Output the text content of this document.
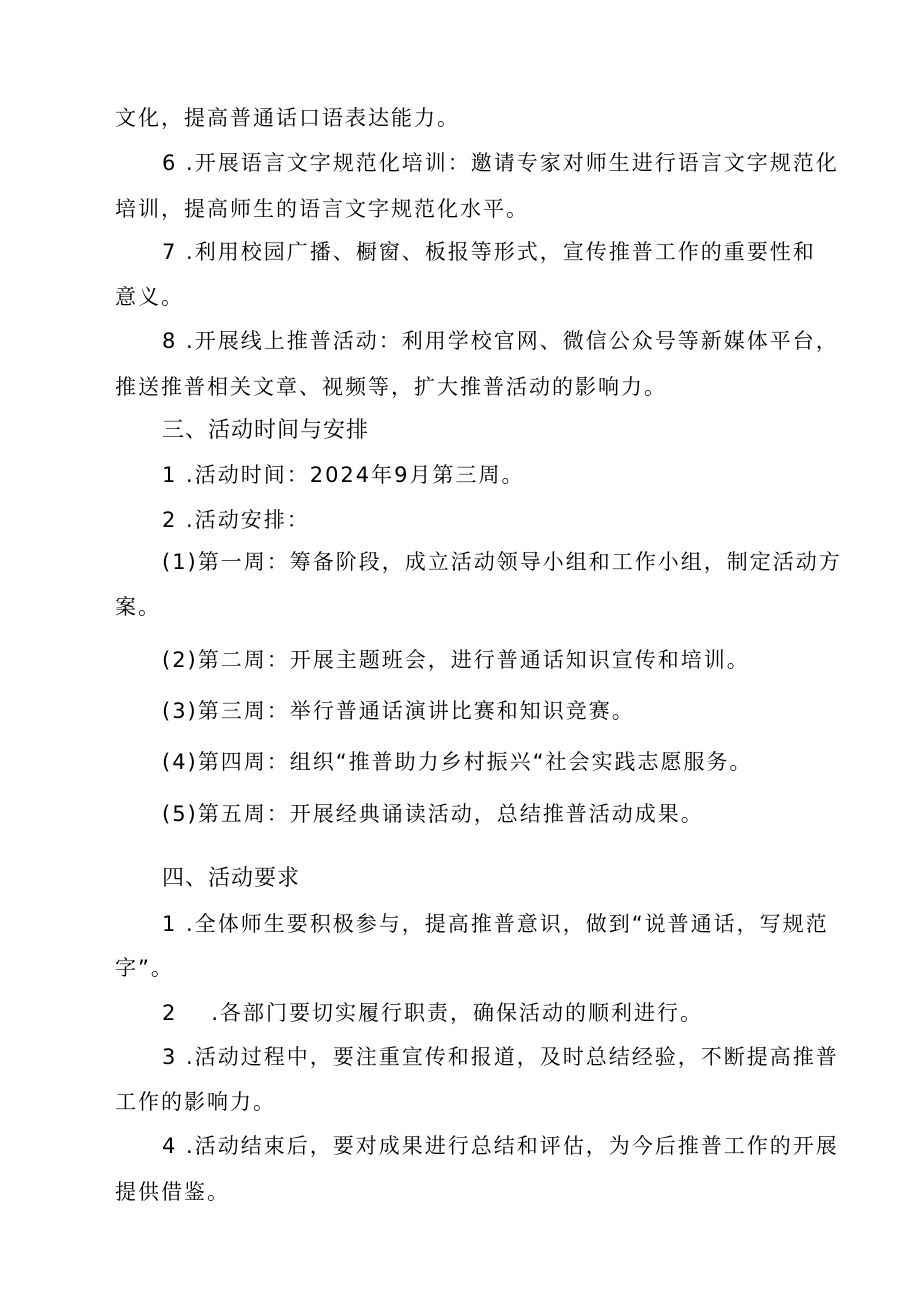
文化，提高普通话口语表达能力。
6 .开展语言文字规范化培训：邀请专家对师生进行语言文字规范化
培训，提高师生的语言文字规范化水平。
7 .利用校园广播、橱窗、板报等形式，宣传推普工作的重要性和
意义。
8 .开展线上推普活动：利用学校官网、微信公众号等新媒体平台，
推送推普相关文章、视频等，扩大推普活动的影响力。
三、活动时间与安排
1 .活动时间：2024年9月第三周。
2 .活动安排：
(1)第一周：筹备阶段，成立活动领导小组和工作小组，制定活动方
案。
(2)第二周：开展主题班会，进行普通话知识宣传和培训。
(3)第三周：举行普通话演讲比赛和知识竞赛。
(4)第四周：组织“推普助力乡村振兴“社会实践志愿服务。
(5)第五周：开展经典诵读活动，总结推普活动成果。
四、活动要求
1 .全体师生要积极参与，提高推普意识，做到“说普通话，写规范
字”。
2 .各部门要切实履行职责，确保活动的顺利进行。
3 .活动过程中，要注重宣传和报道，及时总结经验，不断提高推普
工作的影响力。
4 .活动结束后，要对成果进行总结和评估，为今后推普工作的开展
提供借鉴。
